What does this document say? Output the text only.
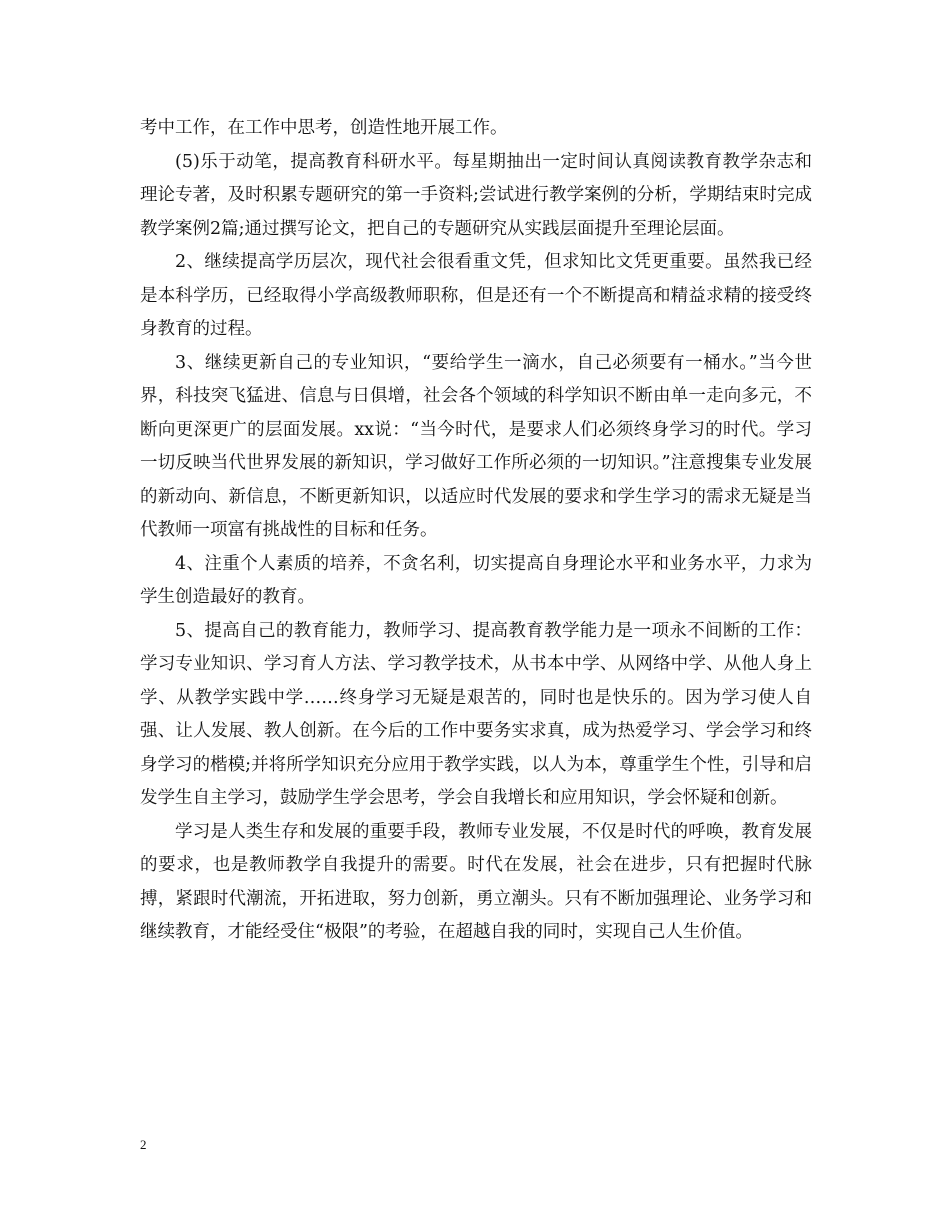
考中工作，在工作中思考，创造性地开展工作。

(5)乐于动笔，提高教育科研水平。每星期抽出一定时间认真阅读教育教学杂志和理论专著，及时积累专题研究的第一手资料;尝试进行教学案例的分析，学期结束时完成教学案例2篇;通过撰写论文，把自己的专题研究从实践层面提升至理论层面。

2、继续提高学历层次，现代社会很看重文凭，但求知比文凭更重要。虽然我已经是本科学历，已经取得小学高级教师职称，但是还有一个不断提高和精益求精的接受终身教育的过程。

3、继续更新自己的专业知识，“要给学生一滴水，自己必须要有一桶水。”当今世界，科技突飞猛进、信息与日俱增，社会各个领域的科学知识不断由单一走向多元，不断向更深更广的层面发展。xx说：“当今时代，是要求人们必须终身学习的时代。学习一切反映当代世界发展的新知识，学习做好工作所必须的一切知识。”注意搜集专业发展的新动向、新信息，不断更新知识，以适应时代发展的要求和学生学习的需求无疑是当代教师一项富有挑战性的目标和任务。

4、注重个人素质的培养，不贪名利，切实提高自身理论水平和业务水平，力求为学生创造最好的教育。

5、提高自己的教育能力，教师学习、提高教育教学能力是一项永不间断的工作：学习专业知识、学习育人方法、学习教学技术，从书本中学、从网络中学、从他人身上学、从教学实践中学……终身学习无疑是艰苦的，同时也是快乐的。因为学习使人自强、让人发展、教人创新。在今后的工作中要务实求真，成为热爱学习、学会学习和终身学习的楷模;并将所学知识充分应用于教学实践，以人为本，尊重学生个性，引导和启发学生自主学习，鼓励学生学会思考，学会自我增长和应用知识，学会怀疑和创新。

学习是人类生存和发展的重要手段，教师专业发展，不仅是时代的呼唤，教育发展的要求，也是教师教学自我提升的需要。时代在发展，社会在进步，只有把握时代脉搏，紧跟时代潮流，开拓进取，努力创新，勇立潮头。只有不断加强理论、业务学习和继续教育，才能经受住“极限”的考验，在超越自我的同时，实现自己人生价值。

2
